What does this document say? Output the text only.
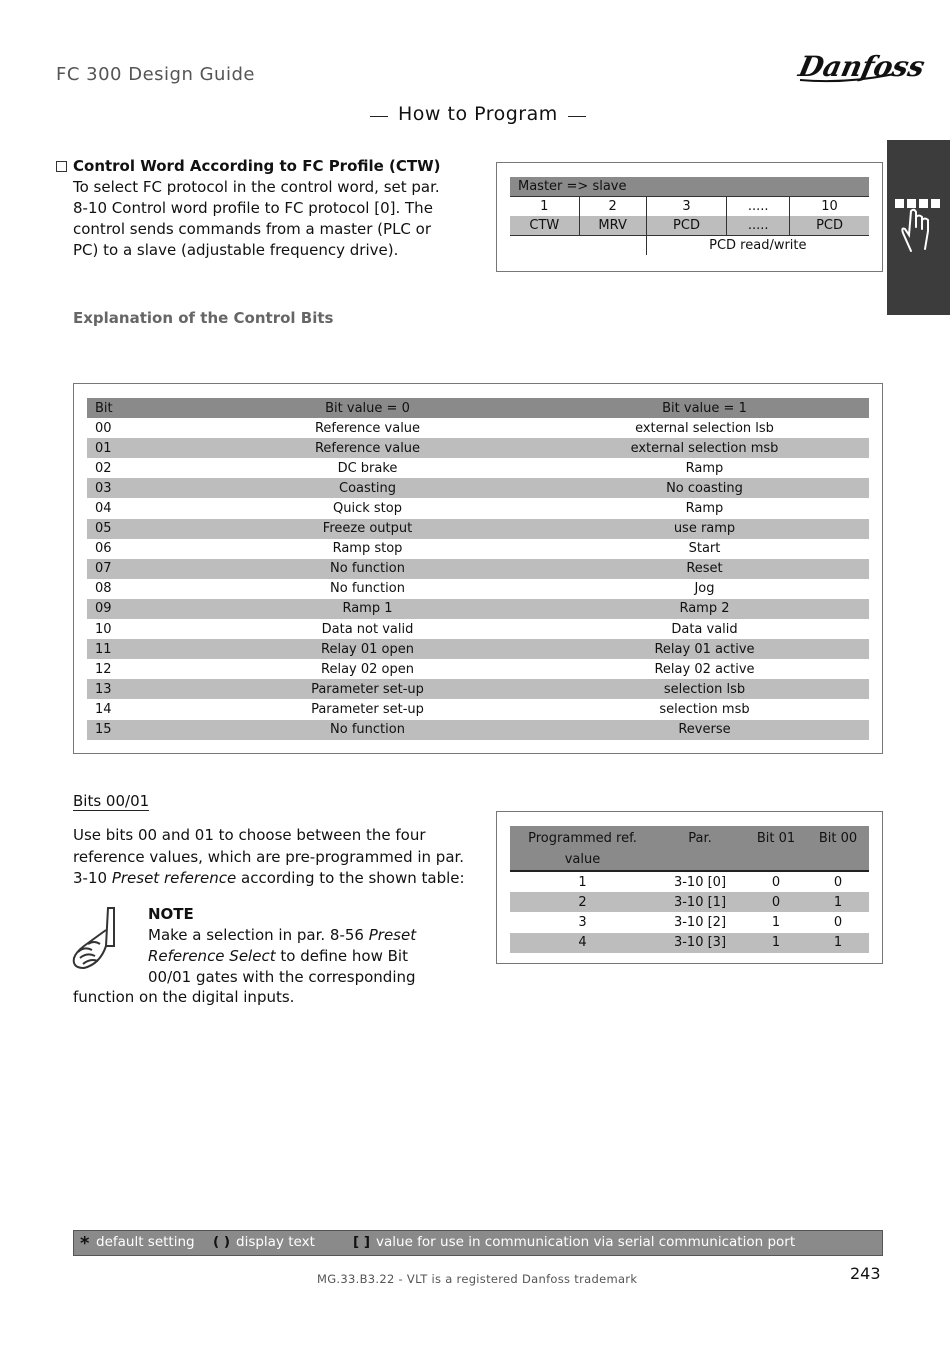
FC 300 Design Guide	Danfoss
How to Program
Control Word According to FC Profile (CTW)
To select FC protocol in the control word, set par. 8-10 Control word profile to FC protocol [0]. The control sends commands from a master (PLC or PC) to a slave (adjustable frequency drive).
Master => slave				
1	2	3	.....	10
CTW	MRV	PCD	.....	PCD
		PCD read/write		
Explanation of the Control Bits
Bit	Bit value = 0	Bit value = 1
00	Reference value	external selection lsb
01	Reference value	external selection msb
02	DC brake	Ramp
03	Coasting	No coasting
04	Quick stop	Ramp
05	Freeze output	use ramp
06	Ramp stop	Start
07	No function	Reset
08	No function	Jog
09	Ramp 1	Ramp 2
10	Data not valid	Data valid
11	Relay 01 open	Relay 01 active
12	Relay 02 open	Relay 02 active
13	Parameter set-up	selection lsb
14	Parameter set-up	selection msb
15	No function	Reverse
Bits 00/01
Use bits 00 and 01 to choose between the four reference values, which are pre-programmed in par. 3-10 Preset reference according to the shown table:
NOTE
Make a selection in par. 8-56 Preset Reference Select to define how Bit 00/01 gates with the corresponding
function on the digital inputs.
Programmed ref. value	Par.	Bit 01	Bit 00
1	3-10 [0]	0	0
2	3-10 [1]	0	1
3	3-10 [2]	1	0
4	3-10 [3]	1	1
* default setting ( ) display text	[ ] value for use in communication via serial communication port
MG.33.B3.22 - VLT is a registered Danfoss trademark	243
